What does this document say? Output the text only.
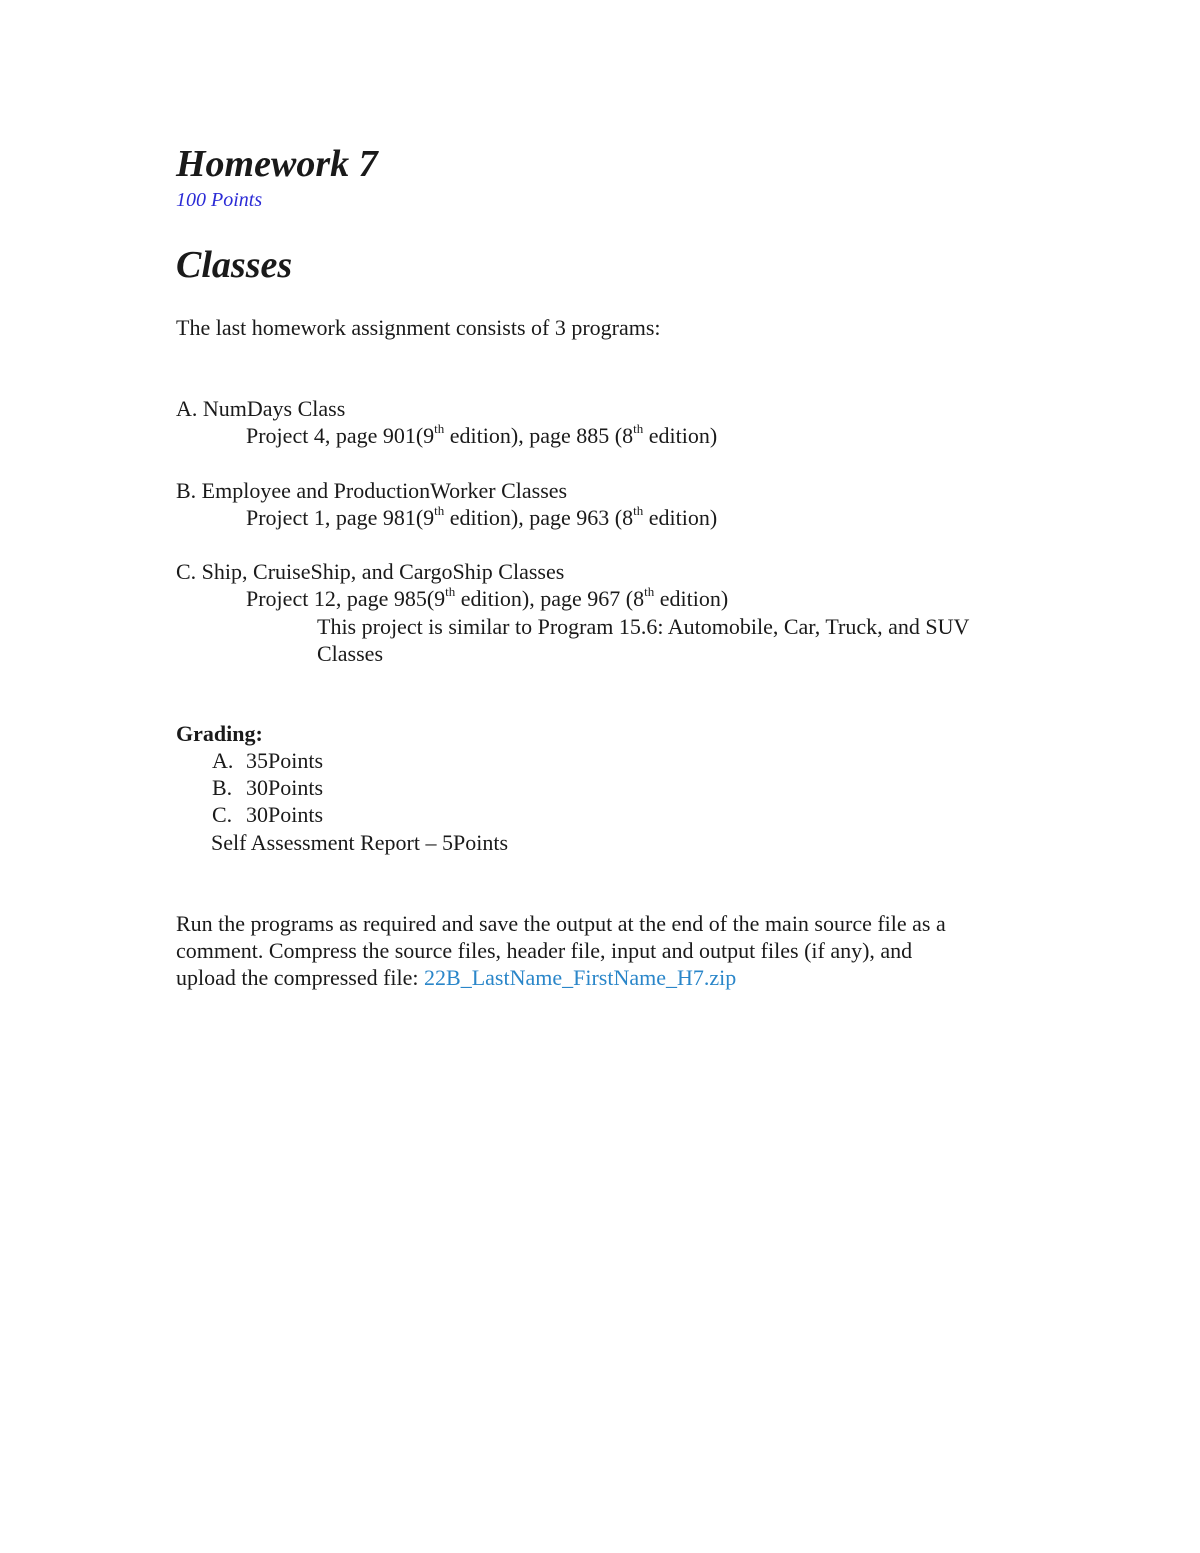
Homework 7
100 Points
Classes
The last homework assignment consists of 3 programs:
A. NumDays Class
Project 4, page 901(9th edition), page 885 (8th edition)
B. Employee and ProductionWorker Classes
Project 1, page 981(9th edition), page 963 (8th edition)
C. Ship, CruiseShip, and CargoShip Classes
Project 12, page 985(9th edition), page 967 (8th edition)
This project is similar to Program 15.6: Automobile, Car, Truck, and SUV
Classes
Grading:
A. 35Points
B. 30Points
C. 30Points
Self Assessment Report – 5Points
Run the programs as required and save the output at the end of the main source file as a
comment. Compress the source files, header file, input and output files (if any), and
upload the compressed file: 22B_LastName_FirstName_H7.zip
